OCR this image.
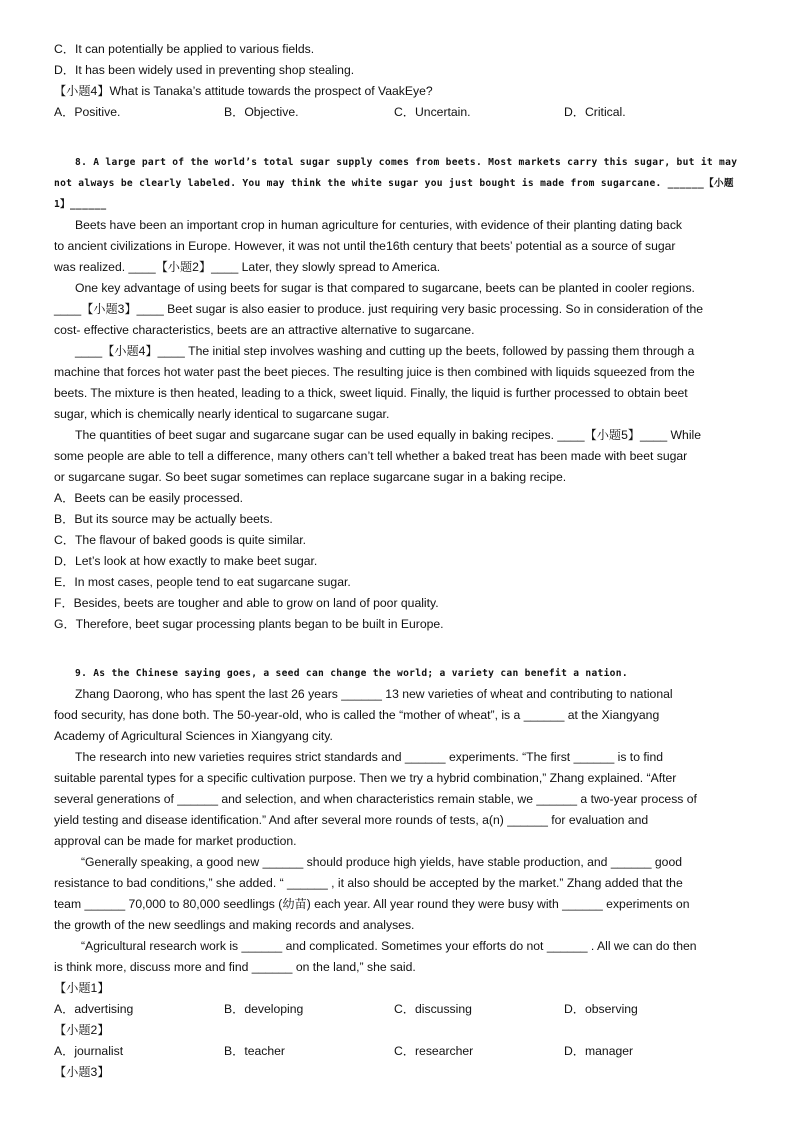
C．It can potentially be applied to various fields.
D．It has been widely used in preventing shop stealing.
【小题4】What is Tanaka’s attitude towards the prospect of VaakEye?
A．Positive.	B．Objective.	C．Uncertain.	D．Critical.
8. A large part of the world’s total sugar supply comes from beets. Most markets carry this sugar, but it may
not always be clearly labeled. You may think the white sugar you just bought is made from sugarcane. ______【小题
1】______
Beets have been an important crop in human agriculture for centuries, with evidence of their planting dating back
to ancient civilizations in Europe. However, it was not until the16th century that beets’ potential as a source of sugar
was realized. ____【小题2】____ Later, they slowly spread to America.
One key advantage of using beets for sugar is that compared to sugarcane, beets can be planted in cooler regions.
____【小题3】____ Beet sugar is also easier to produce. just requiring very basic processing. So in consideration of the
cost- effective characteristics, beets are an attractive alternative to sugarcane.
____【小题4】____ The initial step involves washing and cutting up the beets, followed by passing them through a
machine that forces hot water past the beet pieces. The resulting juice is then combined with liquids squeezed from the
beets. The mixture is then heated, leading to a thick, sweet liquid. Finally, the liquid is further processed to obtain beet
sugar, which is chemically nearly identical to sugarcane sugar.
The quantities of beet sugar and sugarcane sugar can be used equally in baking recipes. ____【小题5】____ While
some people are able to tell a difference, many others can’t tell whether a baked treat has been made with beet sugar
or sugarcane sugar. So beet sugar sometimes can replace sugarcane sugar in a baking recipe.
A．Beets can be easily processed.
B．But its source may be actually beets.
C．The flavour of baked goods is quite similar.
D．Let’s look at how exactly to make beet sugar.
E．In most cases, people tend to eat sugarcane sugar.
F．Besides, beets are tougher and able to grow on land of poor quality.
G．Therefore, beet sugar processing plants began to be built in Europe.
9. As the Chinese saying goes, a seed can change the world; a variety can benefit a nation.
Zhang Daorong, who has spent the last 26 years ______ 13 new varieties of wheat and contributing to national
food security, has done both. The 50-year-old, who is called the “mother of wheat”, is a ______ at the Xiangyang
Academy of Agricultural Sciences in Xiangyang city.
The research into new varieties requires strict standards and ______ experiments. “The first ______ is to find
suitable parental types for a specific cultivation purpose. Then we try a hybrid combination,” Zhang explained. “After
several generations of ______ and selection, and when characteristics remain stable, we ______ a two-year process of
yield testing and disease identification.” And after several more rounds of tests, a(n) ______ for evaluation and
approval can be made for market production.
“Generally speaking, a good new ______ should produce high yields, have stable production, and ______ good
resistance to bad conditions,” she added. “ ______ , it also should be accepted by the market.” Zhang added that the
team ______ 70,000 to 80,000 seedlings (幼苗) each year. All year round they were busy with ______ experiments on
the growth of the new seedlings and making records and analyses.
“Agricultural research work is ______ and complicated. Sometimes your efforts do not ______ . All we can do then
is think more, discuss more and find ______ on the land,” she said.
【小题1】
A．advertising	B．developing	C．discussing	D．observing
【小题2】
A．journalist	B．teacher	C．researcher	D．manager
【小题3】
